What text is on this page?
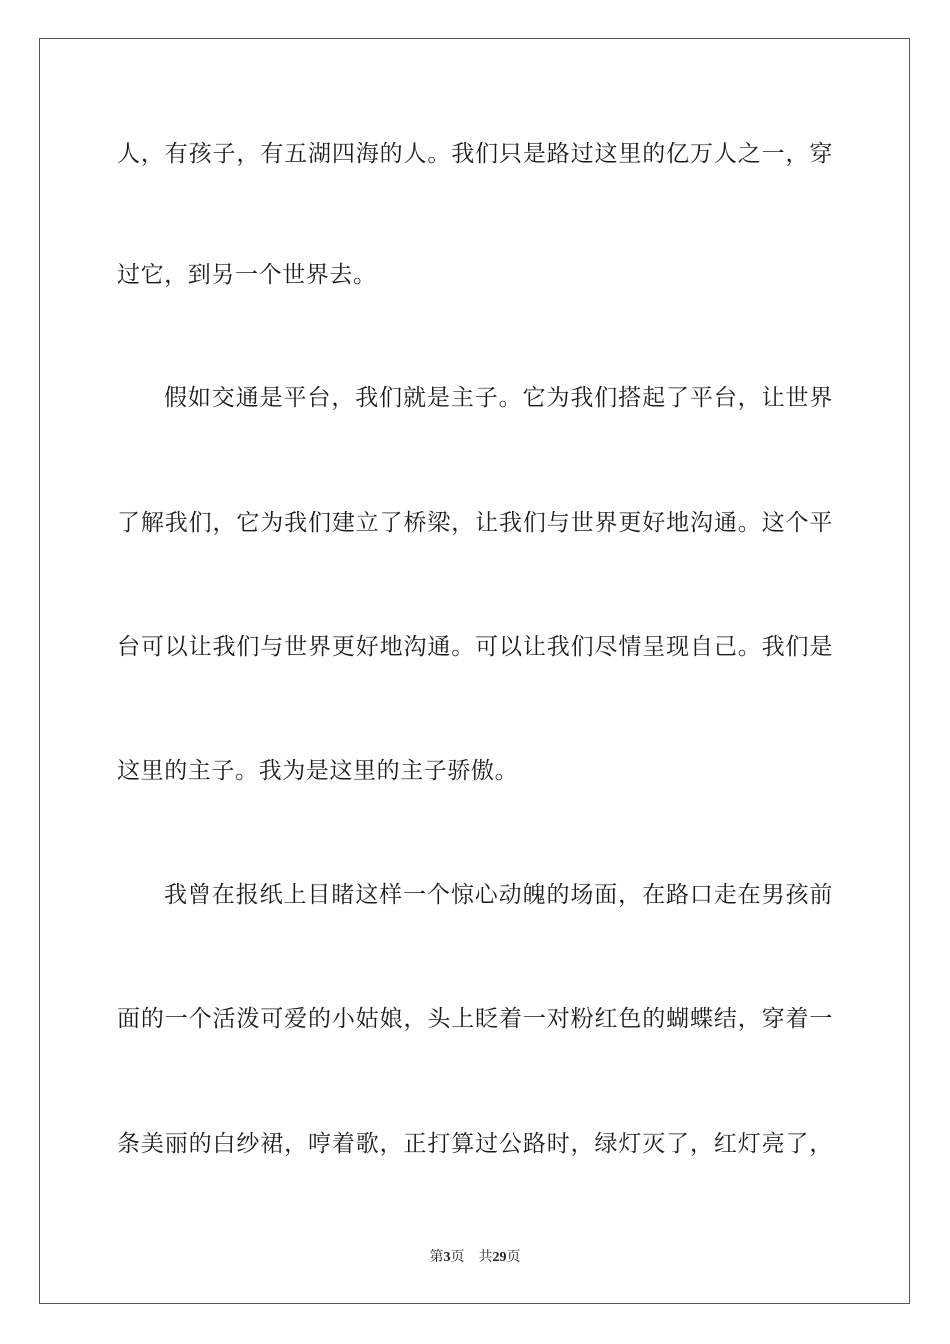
人，有孩子，有五湖四海的人。我们只是路过这里的亿万人之一，穿
过它，到另一个世界去。
假如交通是平台，我们就是主子。它为我们搭起了平台，让世界
了解我们，它为我们建立了桥梁，让我们与世界更好地沟通。这个平
台可以让我们与世界更好地沟通。可以让我们尽情呈现自己。我们是
这里的主子。我为是这里的主子骄傲。
我曾在报纸上目睹这样一个惊心动魄的场面，在路口走在男孩前
面的一个活泼可爱的小姑娘，头上眨着一对粉红色的蝴蝶结，穿着一
条美丽的白纱裙，哼着歌，正打算过公路时，绿灯灭了，红灯亮了，
第3页 共29页
